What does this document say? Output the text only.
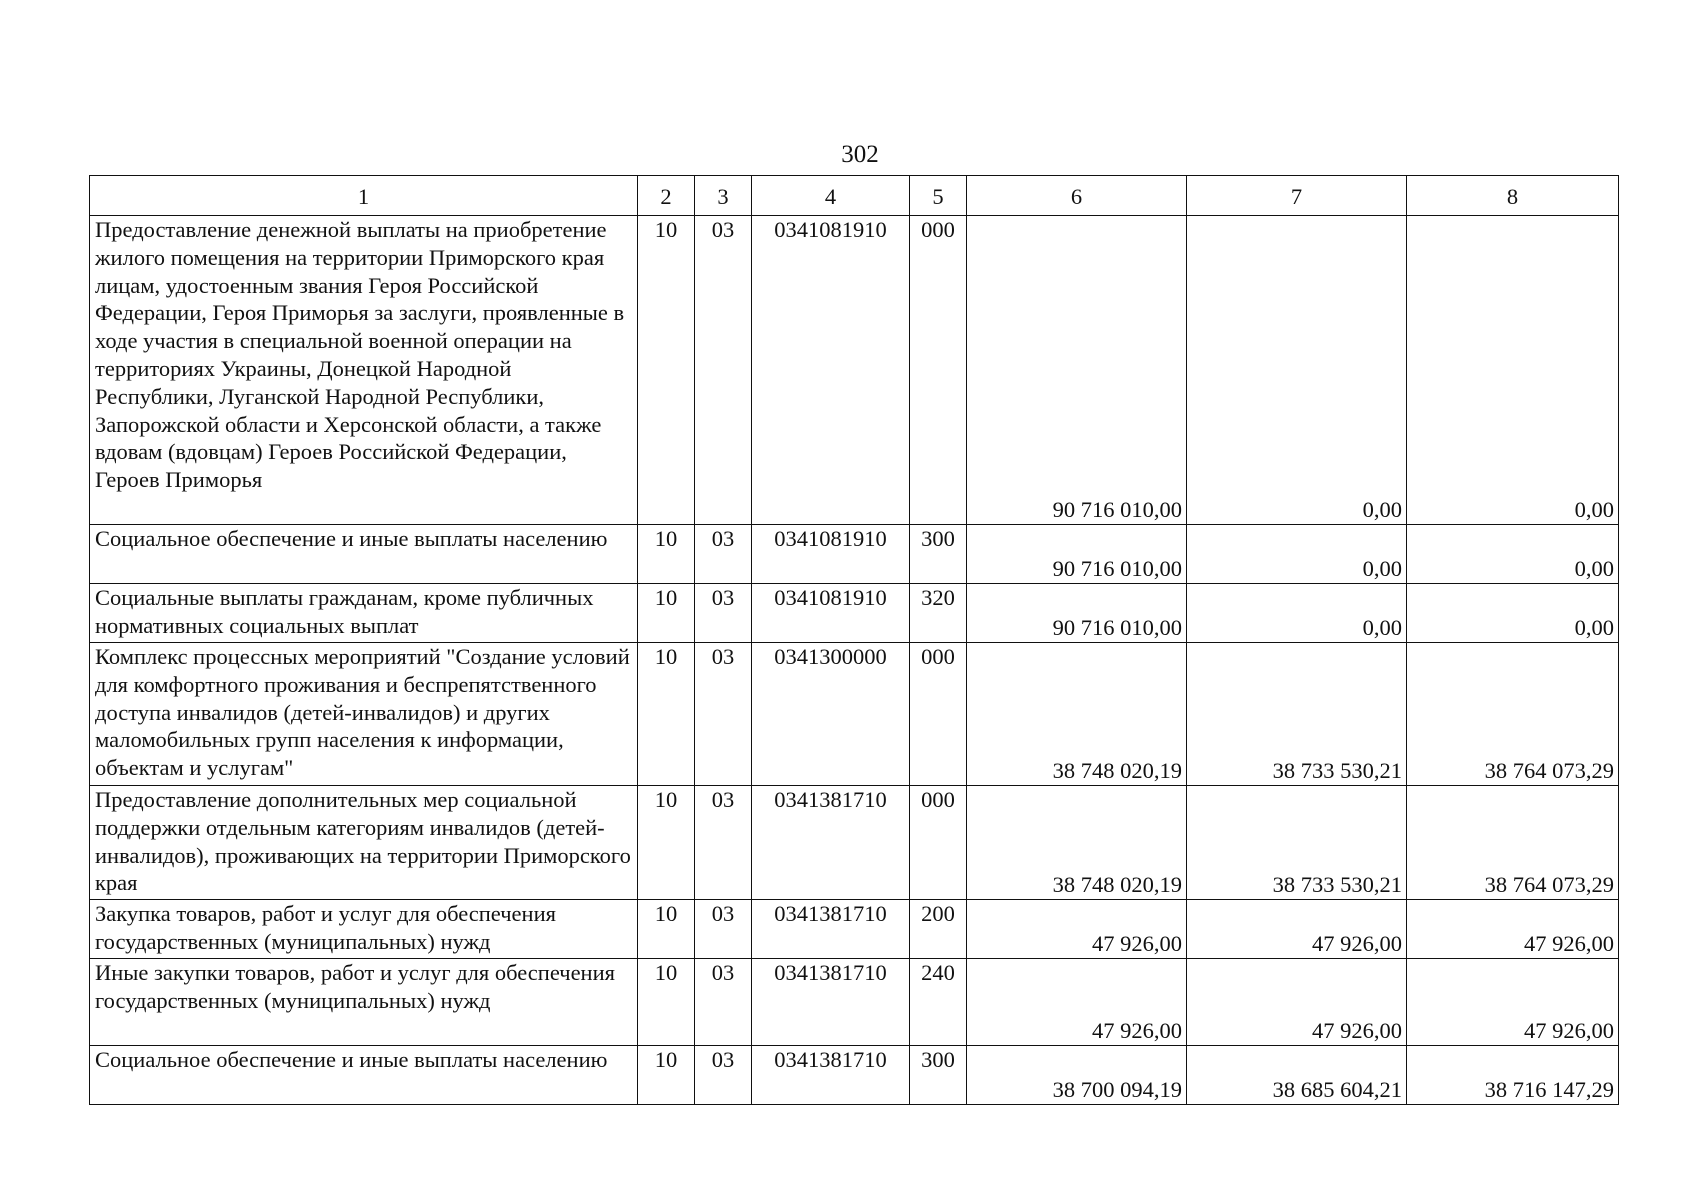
302
1	2	3	4	5	6	7	8
Предоставление денежной выплаты на приобретение жилого помещения на территории Приморского края лицам, удостоенным звания Героя Российской Федерации, Героя Приморья за заслуги, проявленные в ходе участия в специальной военной операции на территориях Украины, Донецкой Народной Республики, Луганской Народной Республики, Запорожской области и Херсонской области, а также вдовам (вдовцам) Героев Российской Федерации, Героев Приморья	10	03	0341081910	000	90 716 010,00	0,00	0,00
Социальное обеспечение и иные выплаты населению	10	03	0341081910	300	90 716 010,00	0,00	0,00
Социальные выплаты гражданам, кроме публичных нормативных социальных выплат	10	03	0341081910	320	90 716 010,00	0,00	0,00
Комплекс процессных мероприятий "Создание условий для комфортного проживания и беспрепятственного доступа инвалидов (детей-инвалидов) и других маломобильных групп населения к информации, объектам и услугам"	10	03	0341300000	000	38 748 020,19	38 733 530,21	38 764 073,29
Предоставление дополнительных мер социальной поддержки отдельным категориям инвалидов (детей-инвалидов), проживающих на территории Приморского края	10	03	0341381710	000	38 748 020,19	38 733 530,21	38 764 073,29
Закупка товаров, работ и услуг для обеспечения государственных (муниципальных) нужд	10	03	0341381710	200	47 926,00	47 926,00	47 926,00
Иные закупки товаров, работ и услуг для обеспечения государственных (муниципальных) нужд	10	03	0341381710	240	47 926,00	47 926,00	47 926,00
Социальное обеспечение и иные выплаты населению	10	03	0341381710	300	38 700 094,19	38 685 604,21	38 716 147,29
